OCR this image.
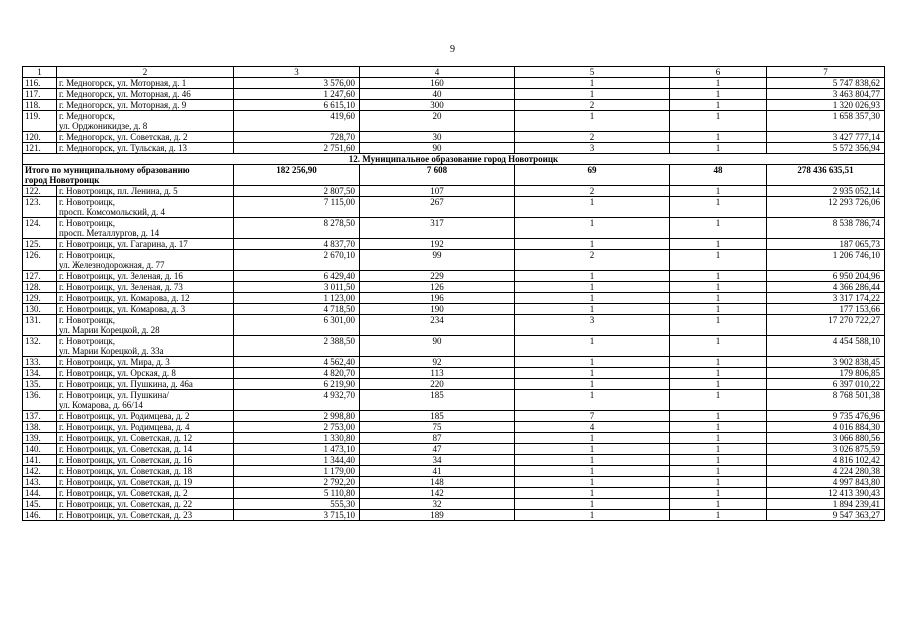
9
1	2	3	4	5	6	7
116.	г. Медногорск, ул. Моторная, д. 1	3 576,00	160	1	1	5 747 838,62
117.	г. Медногорск, ул. Моторная, д. 46	1 247,60	40	1	1	3 463 804,77
118.	г. Медногорск, ул. Моторная, д. 9	6 615,10	300	2	1	1 320 026,93
119.	г. Медногорск,
ул. Орджоникидзе, д. 8	419,60	20	1	1	1 658 357,30
120.	г. Медногорск, ул. Советская, д. 2	728,70	30	2	1	3 427 777,14
121.	г. Медногорск, ул. Тульская, д. 13	2 751,60	90	3	1	5 572 356,94
12. Муниципальное образование город Новотроицк						

Итого по муниципальному образованию
город Новотроицк		182 256,90	7 608	69	48	278 436 635,51
122.	г. Новотроицк, пл. Ленина, д. 5	2 807,50	107	2	1	2 935 052,14
123.	г. Новотроицк,
просп. Комсомольский, д. 4	7 115,00	267	1	1	12 293 726,06
124.	г. Новотроицк,
просп. Металлургов, д. 14	8 278,50	317	1	1	8 538 786,74
125.	г. Новотроицк, ул. Гагарина, д. 17	4 837,70	192	1	1	187 065,73
126.	г. Новотроицк,
ул. Железнодорожная, д. 77	2 670,10	99	2	1	1 206 746,10
127.	г. Новотроицк, ул. Зеленая, д. 16	6 429,40	229	1	1	6 950 204,96
128.	г. Новотроицк, ул. Зеленая, д. 73	3 011,50	126	1	1	4 366 286,44
129.	г. Новотроицк, ул. Комарова, д. 12	1 123,00	196	1	1	3 317 174,22
130.	г. Новотроицк, ул. Комарова, д. 3	4 718,50	190	1	1	177 153,66
131.	г. Новотроицк,
ул. Марии Корецкой, д. 28	6 301,00	234	3	1	17 270 722,27
132.	г. Новотроицк,
ул. Марии Корецкой, д. 33а	2 388,50	90	1	1	4 454 588,10
133.	г. Новотроицк, ул. Мира, д. 3	4 562,40	92	1	1	3 902 838,45
134.	г. Новотроицк, ул. Орская, д. 8	4 820,70	113	1	1	179 806,85
135.	г. Новотроицк, ул. Пушкина, д. 46а	6 219,90	220	1	1	6 397 010,22
136.	г. Новотроицк, ул. Пушкина/
ул. Комарова, д. 66/14	4 932,70	185	1	1	8 768 501,38
137.	г. Новотроицк, ул. Родимцева, д. 2	2 998,80	185	7	1	9 735 476,96
138.	г. Новотроицк, ул. Родимцева, д. 4	2 753,00	75	4	1	4 016 884,30
139.	г. Новотроицк, ул. Советская, д. 12	1 330,80	87	1	1	3 066 880,56
140.	г. Новотроицк, ул. Советская, д. 14	1 473,10	47	1	1	3 026 875,59
141.	г. Новотроицк, ул. Советская, д. 16	1 344,40	34	1	1	4 816 102,42
142.	г. Новотроицк, ул. Советская, д. 18	1 179,00	41	1	1	4 224 280,38
143.	г. Новотроицк, ул. Советская, д. 19	2 792,20	148	1	1	4 997 843,80
144.	г. Новотроицк, ул. Советская, д. 2	5 110,80	142	1	1	12 413 390,43
145.	г. Новотроицк, ул. Советская, д. 22	555,30	32	1	1	1 894 239,41
146.	г. Новотроицк, ул. Советская, д. 23	3 715,10	189	1	1	9 547 363,27
